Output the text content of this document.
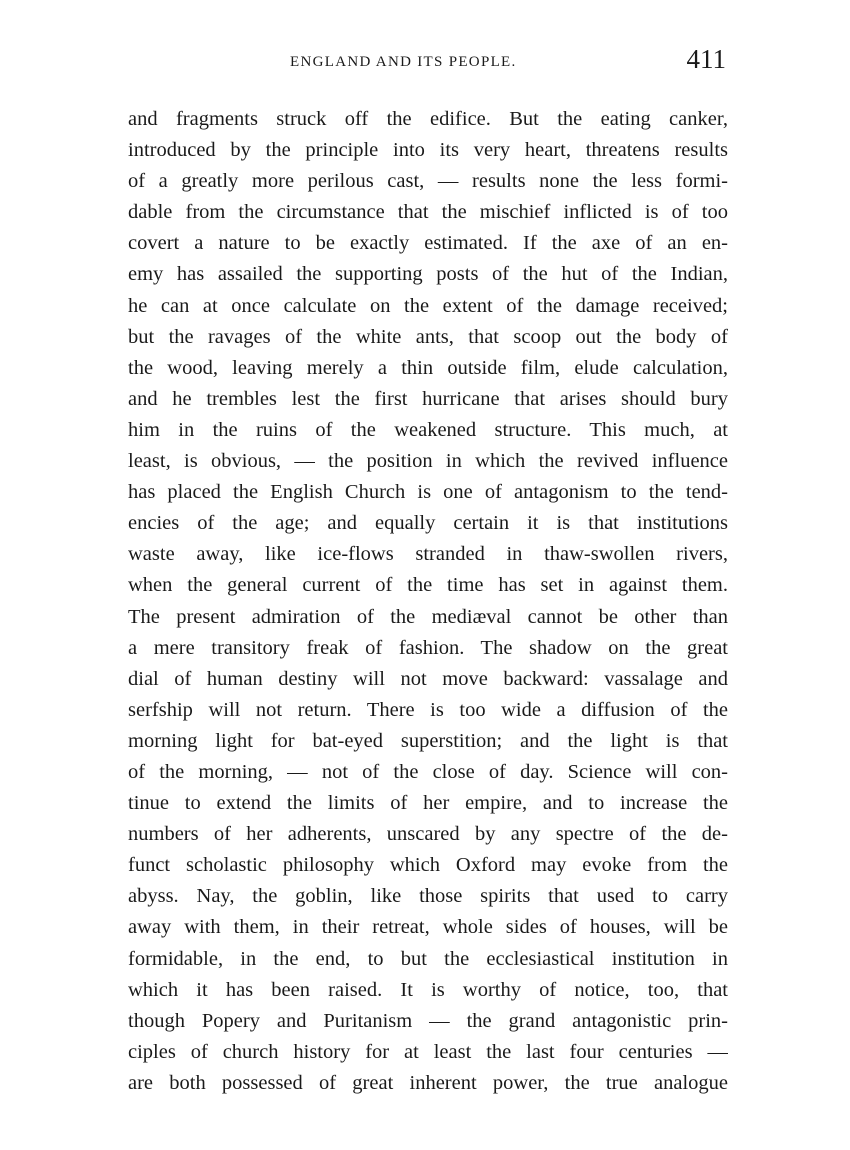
ENGLAND AND ITS PEOPLE.	411
and fragments struck off the edifice. But the eating canker,
introduced by the principle into its very heart, threatens results
of a greatly more perilous cast, — results none the less formi-
dable from the circumstance that the mischief inflicted is of too
covert a nature to be exactly estimated. If the axe of an en-
emy has assailed the supporting posts of the hut of the Indian,
he can at once calculate on the extent of the damage received;
but the ravages of the white ants, that scoop out the body of
the wood, leaving merely a thin outside film, elude calculation,
and he trembles lest the first hurricane that arises should bury
him in the ruins of the weakened structure. This much, at
least, is obvious, — the position in which the revived influence
has placed the English Church is one of antagonism to the tend-
encies of the age; and equally certain it is that institutions
waste away, like ice-flows stranded in thaw-swollen rivers,
when the general current of the time has set in against them.
The present admiration of the mediæval cannot be other than
a mere transitory freak of fashion. The shadow on the great
dial of human destiny will not move backward: vassalage and
serfship will not return. There is too wide a diffusion of the
morning light for bat-eyed superstition; and the light is that
of the morning, — not of the close of day. Science will con-
tinue to extend the limits of her empire, and to increase the
numbers of her adherents, unscared by any spectre of the de-
funct scholastic philosophy which Oxford may evoke from the
abyss. Nay, the goblin, like those spirits that used to carry
away with them, in their retreat, whole sides of houses, will be
formidable, in the end, to but the ecclesiastical institution in
which it has been raised. It is worthy of notice, too, that
though Popery and Puritanism — the grand antagonistic prin-
ciples of church history for at least the last four centuries —
are both possessed of great inherent power, the true analogue
